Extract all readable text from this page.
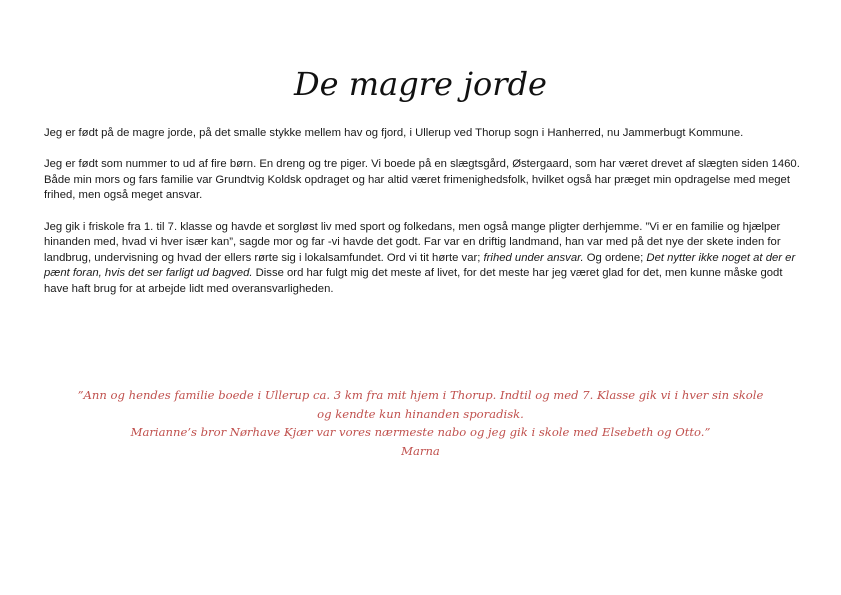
De magre jorde

Jeg er født på de magre jorde, på det smalle stykke mellem hav og fjord, i Ullerup ved Thorup sogn i Hanherred, nu Jammerbugt Kommune.

Jeg er født som nummer to ud af fire børn. En dreng og tre piger. Vi boede på en slægtsgård, Østergaard, som har været drevet af slægten siden 1460. Både min mors og fars familie var Grundtvig Koldsk opdraget og har altid været frimenighedsfolk, hvilket også har præget min opdragelse med meget frihed, men også meget ansvar.

Jeg gik i friskole fra 1. til 7. klasse og havde et sorgløst liv med sport og folkedans, men også mange pligter derhjemme. ”Vi er en familie og hjælper hinanden med, hvad vi hver især kan”, sagde mor og far -vi havde det godt. Far var en driftig landmand, han var med på det nye der skete inden for landbrug, undervisning og hvad der ellers rørte sig i lokalsamfundet. Ord vi tit hørte var; frihed under ansvar. Og ordene; Det nytter ikke noget at der er pænt foran, hvis det ser farligt ud bagved. Disse ord har fulgt mig det meste af livet, for det meste har jeg været glad for det, men kunne måske godt have haft brug for at arbejde lidt med overansvarligheden.

”Ann og hendes familie boede i Ullerup ca. 3 km fra mit hjem i Thorup. Indtil og med 7. Klasse gik vi i hver sin skole
og kendte kun hinanden sporadisk.
Marianne’s bror Nørhave Kjær var vores nærmeste nabo og jeg gik i skole med Elsebeth og Otto.”
Marna
